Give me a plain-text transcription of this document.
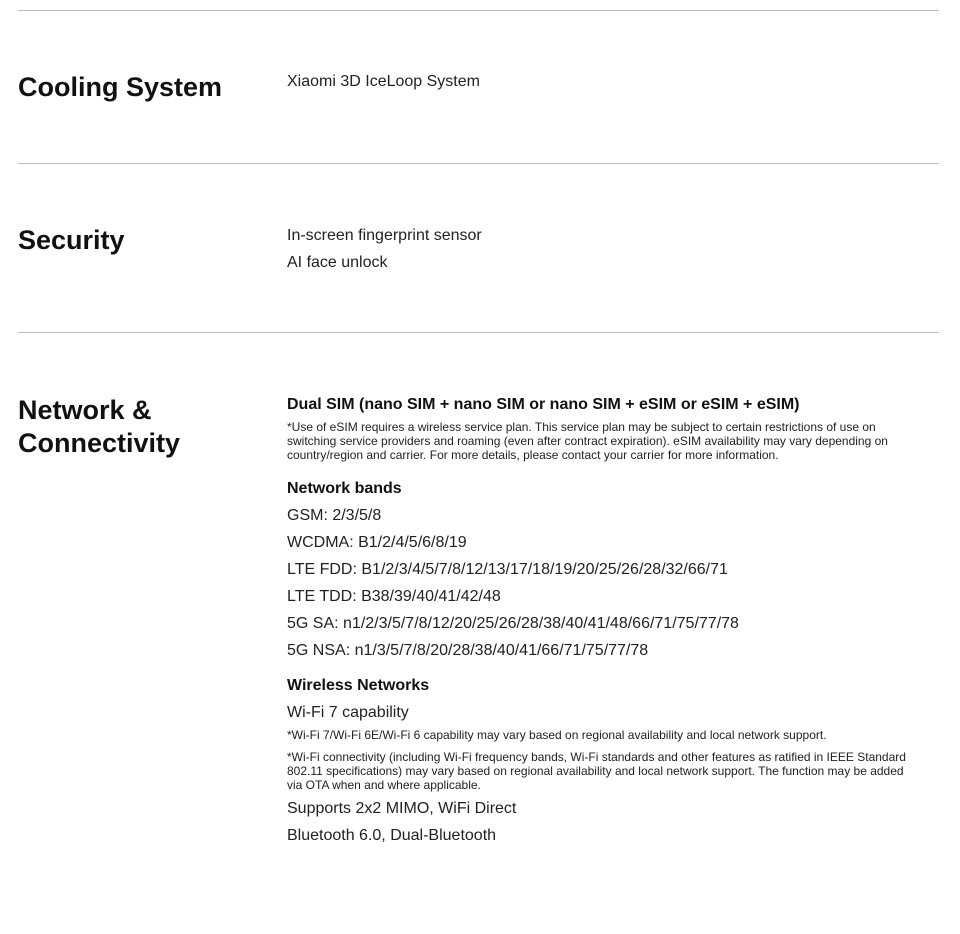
Cooling System	Xiaomi 3D IceLoop System
Security	In-screen fingerprint sensor
AI face unlock
Network &
Connectivity
Dual SIM (nano SIM + nano SIM or nano SIM + eSIM or eSIM + eSIM)
*Use of eSIM requires a wireless service plan. This service plan may be subject to certain restrictions of use on switching service providers and roaming (even after contract expiration). eSIM availability may vary depending on country/region and carrier. For more details, please contact your carrier for more information.
Network bands
GSM: 2/3/5/8
WCDMA: B1/2/4/5/6/8/19
LTE FDD: B1/2/3/4/5/7/8/12/13/17/18/19/20/25/26/28/32/66/71
LTE TDD: B38/39/40/41/42/48
5G SA: n1/2/3/5/7/8/12/20/25/26/28/38/40/41/48/66/71/75/77/78
5G NSA: n1/3/5/7/8/20/28/38/40/41/66/71/75/77/78
Wireless Networks
Wi-Fi 7 capability
*Wi-Fi 7/Wi-Fi 6E/Wi-Fi 6 capability may vary based on regional availability and local network support.
*Wi-Fi connectivity (including Wi-Fi frequency bands, Wi-Fi standards and other features as ratified in IEEE Standard 802.11 specifications) may vary based on regional availability and local network support. The function may be added via OTA when and where applicable.
Supports 2x2 MIMO, WiFi Direct
Bluetooth 6.0, Dual-Bluetooth
